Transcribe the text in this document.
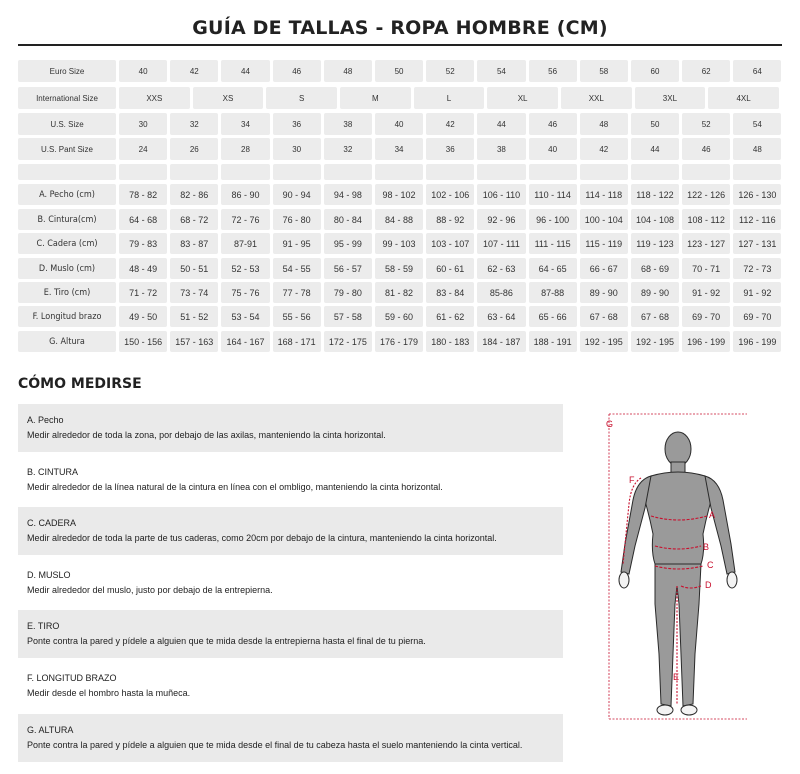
GUÍA DE TALLAS - ROPA HOMBRE (CM)
Euro Size	40	42	44	46	48	50	52	54	56	58	60	62	64
International Size	XXS	XS	S	M	L	XL	XXL	3XL	4XL
U.S. Size	30	32	34	36	38	40	42	44	46	48	50	52	54
U.S. Pant Size	24	26	28	30	32	34	36	38	40	42	44	46	48
A. Pecho (cm)	78 - 82	82 - 86	86 - 90	90 - 94	94 - 98	98 - 102	102 - 106	106 - 110	110 - 114	114 - 118	118 - 122	122 - 126	126 - 130
B. Cintura(cm)	64 - 68	68 - 72	72 - 76	76 - 80	80 - 84	84 - 88	88 - 92	92 - 96	96 - 100	100 - 104	104 - 108	108 - 112	112 - 116
C. Cadera (cm)	79 - 83	83 - 87	87-91	91 - 95	95 - 99	99 - 103	103 - 107	107 - 111	111 - 115	115 - 119	119 - 123	123 - 127	127 - 131
D. Muslo (cm)	48 - 49	50 - 51	52 - 53	54 - 55	56 - 57	58 - 59	60 - 61	62 - 63	64 - 65	66 - 67	68 - 69	70 - 71	72 - 73
E. Tiro (cm)	71 - 72	73 - 74	75 - 76	77 - 78	79 - 80	81 - 82	83 - 84	85-86	87-88	89 - 90	89 - 90	91 - 92	91 - 92
F. Longitud brazo	49 - 50	51 - 52	53 - 54	55 - 56	57 - 58	59 - 60	61 - 62	63 - 64	65 - 66	67 - 68	67 - 68	69 - 70	69 - 70
G. Altura	150 - 156	157 - 163	164 - 167	168 - 171	172 - 175	176 - 179	180 - 183	184 - 187	188 - 191	192 - 195	192 - 195	196 - 199	196 - 199
CÓMO MEDIRSE
A. Pecho
Medir alrededor de toda la zona, por debajo de las axilas, manteniendo la cinta horizontal.
B. CINTURA
Medir alrededor de la línea natural de la cintura en línea con el ombligo, manteniendo la cinta horizontal.
C. CADERA
Medir alrededor de toda la parte de tus caderas, como 20cm por debajo de la cintura, manteniendo la cinta horizontal.
D. MUSLO
Medir alrededor del muslo, justo por debajo de la entrepierna.
E. TIRO
Ponte contra la pared y pídele a alguien que te mida desde la entrepierna hasta el final de tu pierna.
F. LONGITUD BRAZO
Medir desde el hombro hasta la muñeca.
G. ALTURA
Ponte contra la pared y pídele a alguien que te mida desde el final de tu cabeza hasta el suelo manteniendo la cinta vertical.
G
A
B
C
D
E
F
